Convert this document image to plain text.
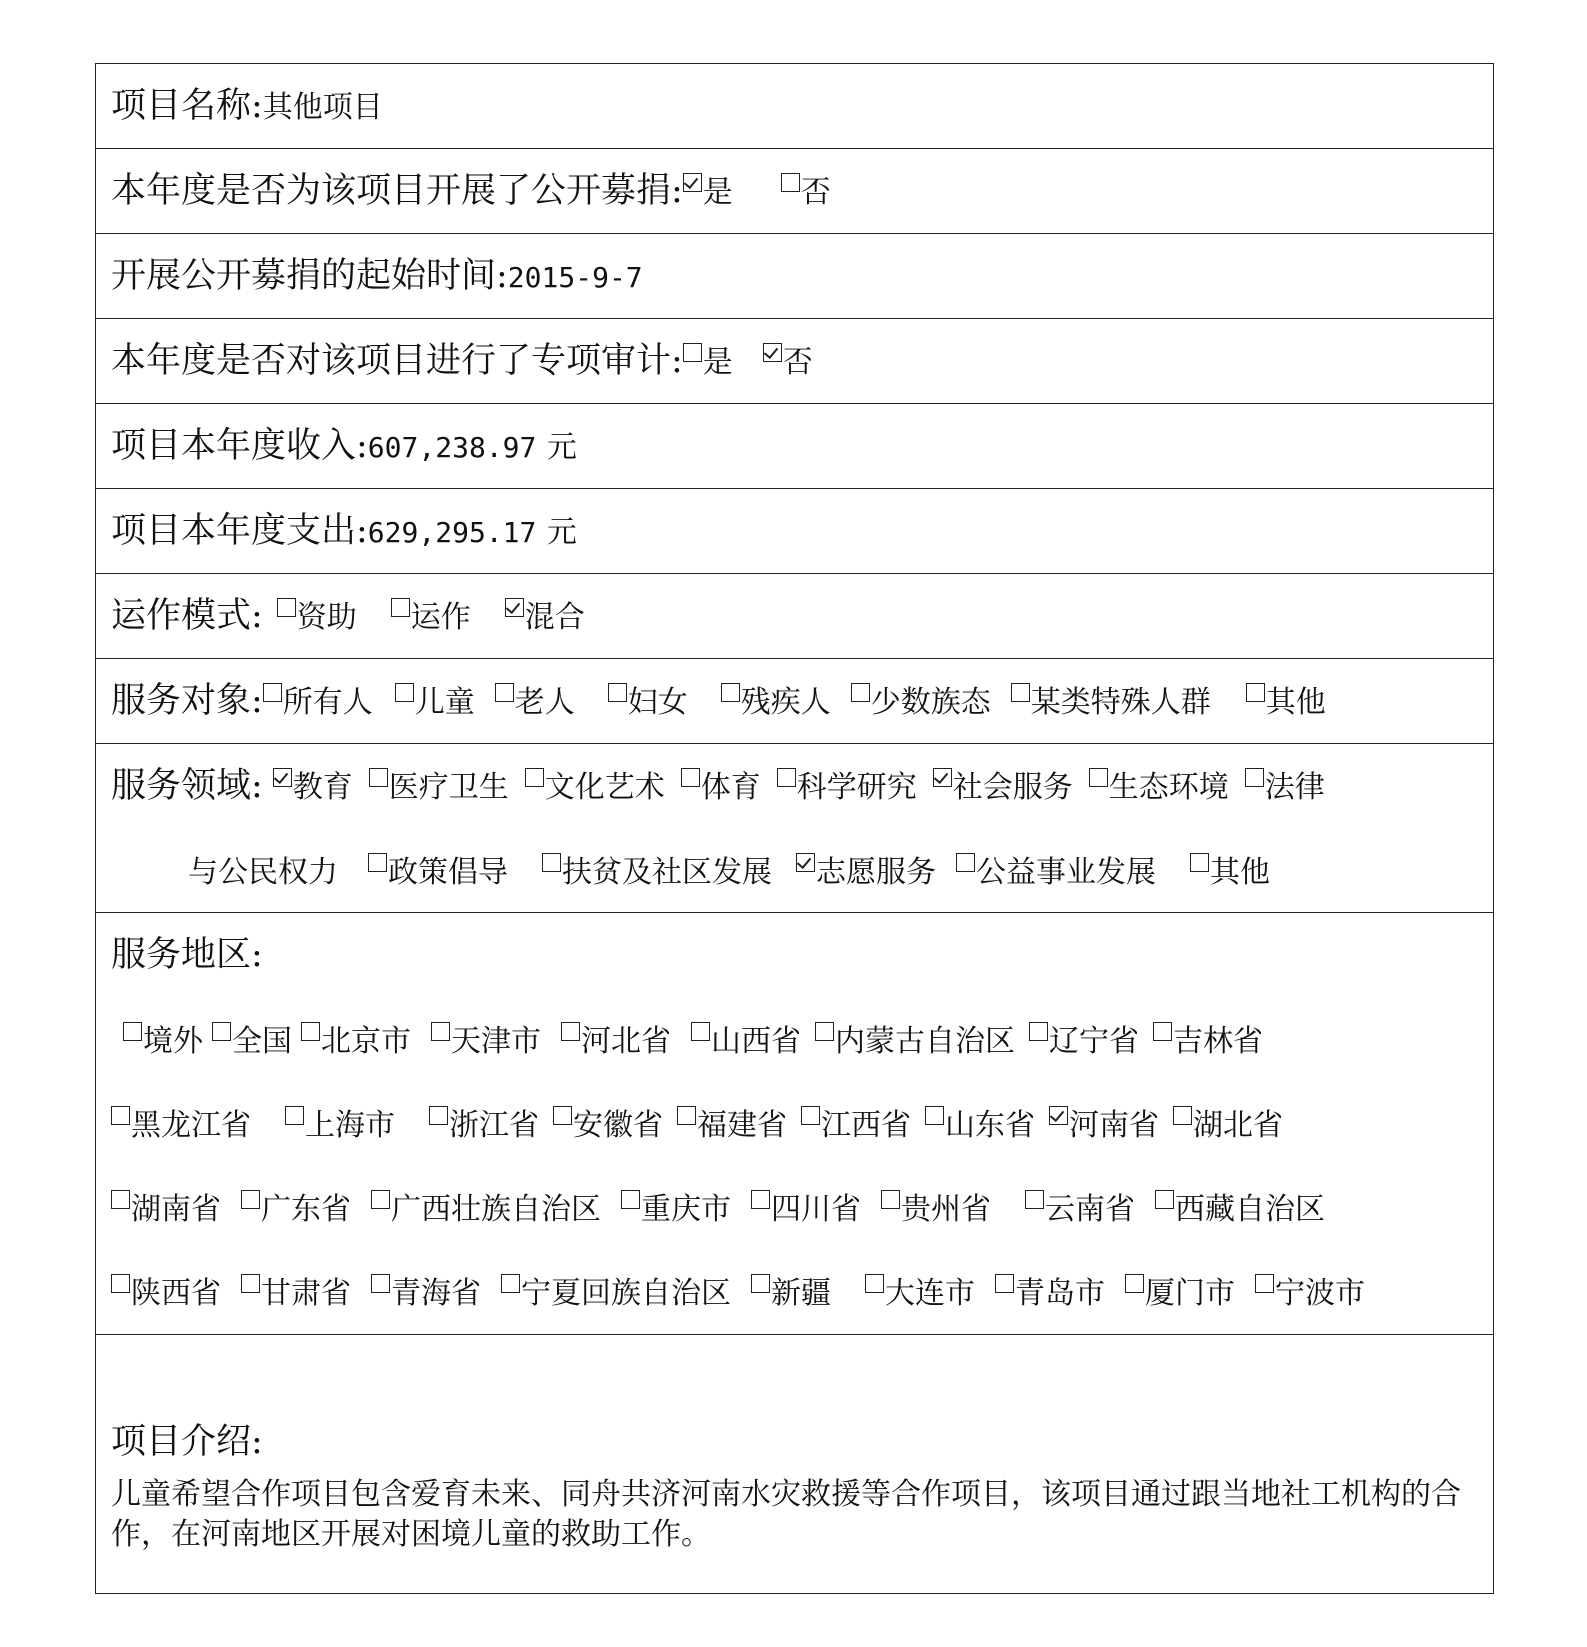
项目名称:其他项目
本年度是否为该项目开展了公开募捐: 是 否
开展公开募捐的起始时间:2015-9-7
本年度是否对该项目进行了专项审计: 是 否
项目本年度收入:607,238.97 元
项目本年度支出:629,295.17 元
运作模式: 资助 运作 混合
服务对象: 所有人 儿童 老人 妇女 残疾人 少数族态 某类特殊人群 其他
服务领域: 教育 医疗卫生 文化艺术 体育 科学研究 社会服务 生态环境 法律
与公民权力 政策倡导 扶贫及社区发展 志愿服务 公益事业发展 其他
服务地区:
境外 全国 北京市 天津市 河北省 山西省 内蒙古自治区 辽宁省 吉林省
黑龙江省 上海市 浙江省 安徽省 福建省 江西省 山东省 河南省 湖北省
湖南省 广东省 广西壮族自治区 重庆市 四川省 贵州省 云南省 西藏自治区
陕西省 甘肃省 青海省 宁夏回族自治区 新疆 大连市 青岛市 厦门市 宁波市
项目介绍:
儿童希望合作项目包含爱育未来、同舟共济河南水灾救援等合作项目，该项目通过跟当地社工机构的合作，在河南地区开展对困境儿童的救助工作。
